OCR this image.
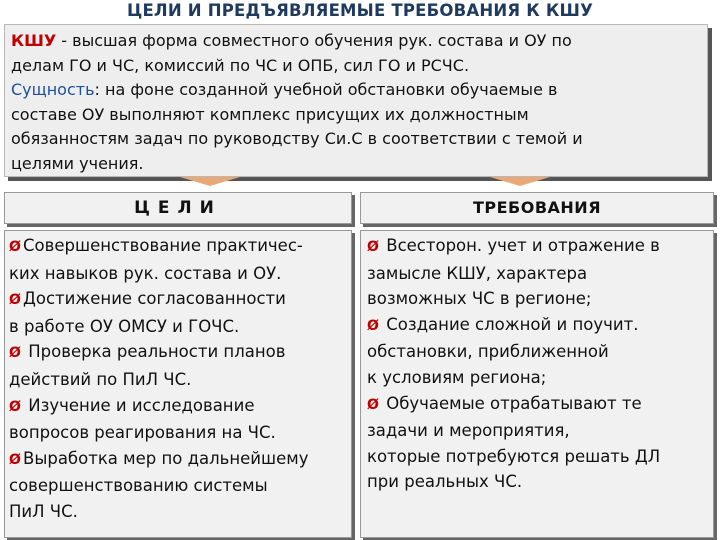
ЦЕЛИ И ПРЕДЪЯВЛЯЕМЫЕ ТРЕБОВАНИЯ К КШУ
КШУ - высшая форма совместного обучения рук. состава и ОУ по
делам ГО и ЧС, комиссий по ЧС и ОПБ, сил ГО и РСЧС.
Сущность: на фоне созданной учебной обстановки обучаемые в
составе ОУ выполняют комплекс присущих их должностным
обязанностям задач по руководству Си.С в соответствии с темой и
целями учения.
ЦЕЛИ	ТРЕБОВАНИЯ
Ø Совершенствование практичес-
ких навыков рук. состава и ОУ.
Ø Достижение согласованности
в работе ОУ ОМСУ и ГОЧС.
Ø Проверка реальности планов
действий по ПиЛ ЧС.
Ø Изучение и исследование
вопросов реагирования на ЧС.
Ø Выработка мер по дальнейшему
совершенствованию системы
ПиЛ ЧС.
Ø Всесторон. учет и отражение в
замысле КШУ, характера
возможных ЧС в регионе;
Ø Создание сложной и поучит.
обстановки, приближенной
к условиям региона;
Ø Обучаемые отрабатывают те
задачи и мероприятия,
которые потребуются решать ДЛ
при реальных ЧС.
